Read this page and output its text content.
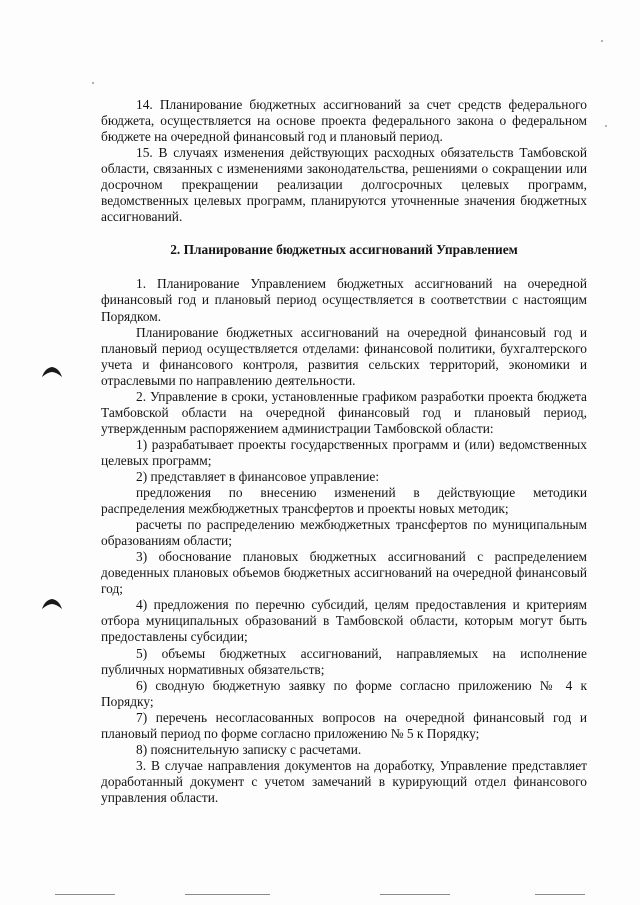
14. Планирование бюджетных ассигнований за счет средств федерального бюджета, осуществляется на основе проекта федерального закона о федеральном бюджете на очередной финансовый год и плановый период.

15. В случаях изменения действующих расходных обязательств Тамбовской области, связанных с изменениями законодательства, решениями о сокращении или досрочном прекращении реализации долгосрочных целевых программ, ведомственных целевых программ, планируются уточненные значения бюджетных ассигнований.

2. Планирование бюджетных ассигнований Управлением

1. Планирование Управлением бюджетных ассигнований на очередной финансовый год и плановый период осуществляется в соответствии с настоящим Порядком.

Планирование бюджетных ассигнований на очередной финансовый год и плановый период осуществляется отделами: финансовой политики, бухгалтерского учета и финансового контроля, развития сельских территорий, экономики и отраслевыми по направлению деятельности.

2. Управление в сроки, установленные графиком разработки проекта бюджета Тамбовской области на очередной финансовый год и плановый период, утвержденным распоряжением администрации Тамбовской области:

1) разрабатывает проекты государственных программ и (или) ведомственных целевых программ;

2) представляет в финансовое управление:

предложения по внесению изменений в действующие методики распределения межбюджетных трансфертов и проекты новых методик;

расчеты по распределению межбюджетных трансфертов по муниципальным образованиям области;

3) обоснование плановых бюджетных ассигнований с распределением доведенных плановых объемов бюджетных ассигнований на очередной финансовый год;

4) предложения по перечню субсидий, целям предоставления и критериям отбора муниципальных образований в Тамбовской области, которым могут быть предоставлены субсидии;

5) объемы бюджетных ассигнований, направляемых на исполнение публичных нормативных обязательств;

6) сводную бюджетную заявку по форме согласно приложению № 4 к Порядку;

7) перечень несогласованных вопросов на очередной финансовый год и плановый период по форме согласно приложению № 5 к Порядку;

8) пояснительную записку с расчетами.

3. В случае направления документов на доработку, Управление представляет доработанный документ с учетом замечаний в курирующий отдел финансового управления области.
